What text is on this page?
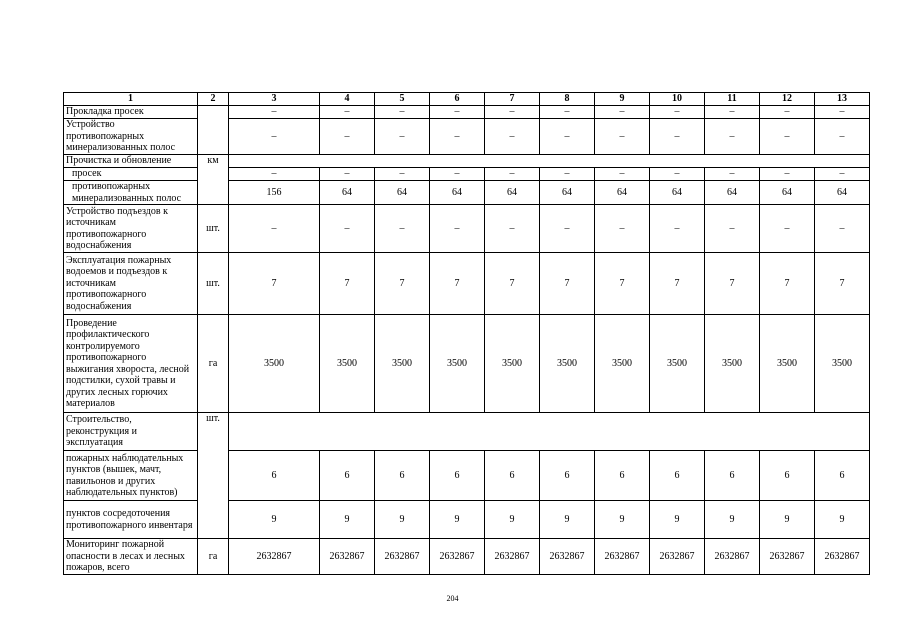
1	2	3	4	5	6	7	8	9	10	11	12	13
Прокладка просек		–	–	–	–	–	–	–	–	–	–	–
Устройство противопожарных минерализованных полос		–	–	–	–	–	–	–	–	–	–	–
Прочистка и обновление	км											
просек		–	–	–	–	–	–	–	–	–	–	–
противопожарных минерализованных полос		156	64	64	64	64	64	64	64	64	64	64
Устройство подъездов к источникам противопожарного водоснабжения	шт.	–	–	–	–	–	–	–	–	–	–	–
Эксплуатация пожарных водоемов и подъездов к источникам противопожарного водоснабжения	шт.	7	7	7	7	7	7	7	7	7	7	7
Проведение профилактического контролируемого противопожарного выжигания хвороста, лесной подстилки, сухой травы и других лесных горючих материалов	га	3500	3500	3500	3500	3500	3500	3500	3500	3500	3500	3500
Строительство, реконструкция и эксплуатация	шт.											
пожарных наблюдательных пунктов (вышек, мачт, павильонов и других наблюдательных пунктов)		6	6	6	6	6	6	6	6	6	6	6
пунктов сосредоточения противопожарного инвентаря		9	9	9	9	9	9	9	9	9	9	9
Мониторинг пожарной опасности в лесах и лесных пожаров, всего	га	2632867	2632867	2632867	2632867	2632867	2632867	2632867	2632867	2632867	2632867	2632867
204
